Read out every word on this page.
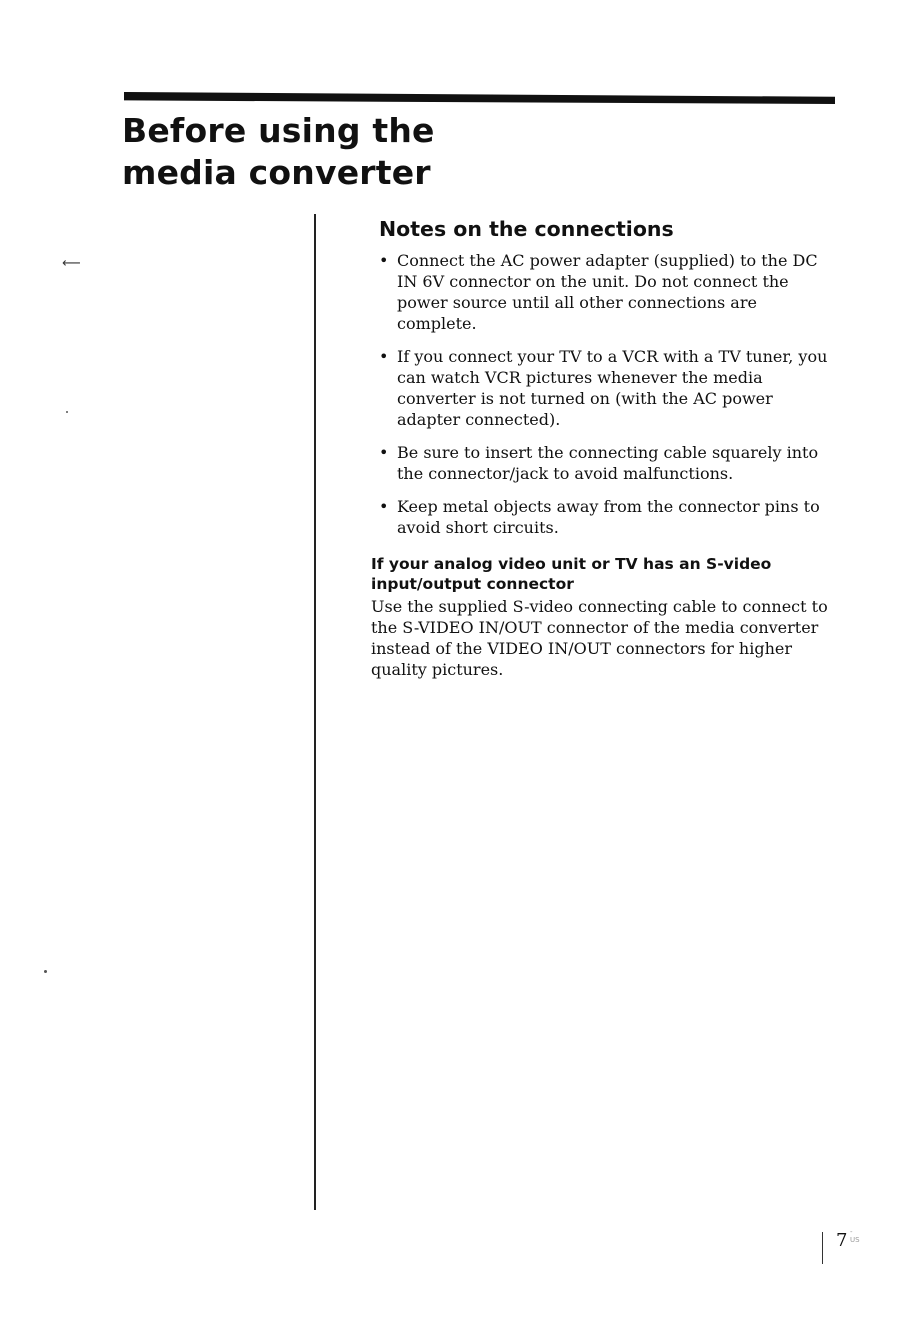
Before using the
media converter
⟵
Notes on the connections
• Connect the AC power adapter (supplied) to the DC IN 6V connector on the unit. Do not connect the power source until all other connections are complete.
• If you connect your TV to a VCR with a TV tuner, you can watch VCR pictures whenever the media converter is not turned on (with the AC power adapter connected).
• Be sure to insert the connecting cable squarely into the connector/jack to avoid malfunctions.
• Keep metal objects away from the connector pins to avoid short circuits.
If your analog video unit or TV has an S-video input/output connector

Use the supplied S-video connecting cable to connect to the S-VIDEO IN/OUT connector of the media converter instead of the VIDEO IN/OUT connectors for higher quality pictures.

7 -US
